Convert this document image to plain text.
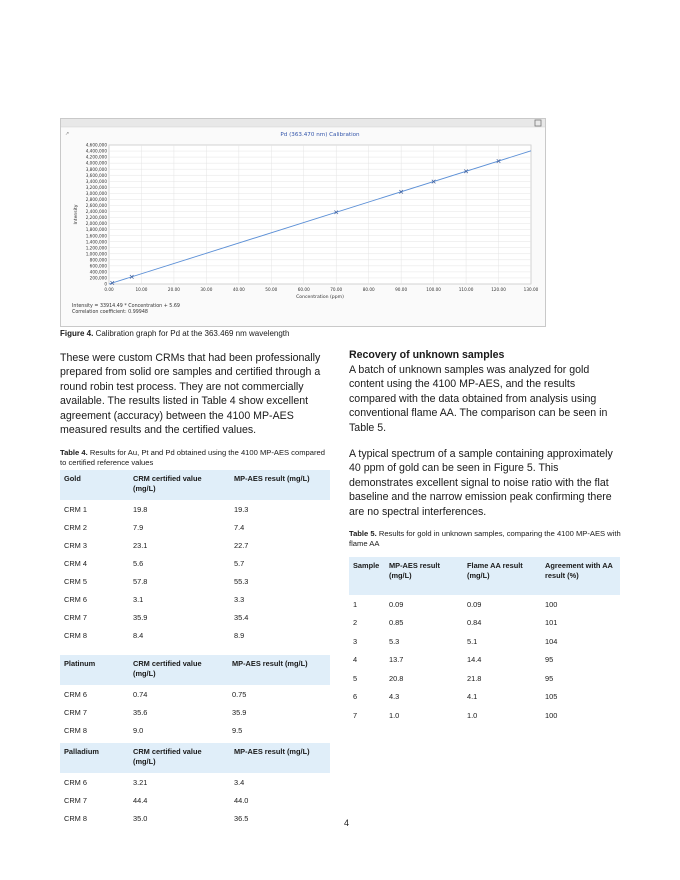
↗
0
200,000
400,000
600,000
800,000
1,000,000
1,200,000
1,400,000
1,600,000
1,800,000
2,000,000
2,200,000
2,400,000
2,600,000
2,800,000
3,000,000
3,200,000
3,400,000
3,600,000
3,800,000
4,000,000
4,200,000
4,400,000
4,600,000
0.00	10.00	20.00	30.00	40.00	50.00	60.00	70.00	80.00	90.00	100.00	110.00	120.00	130.00
Pd (363.470 nm) Calibration
Concentration (ppm)
Intensity
Intensity = 33914.49 * Concentration + 5.69
Correlation coefficient: 0.99948
Figure 4. Calibration graph for Pd at the 363.469 nm wavelength
These were custom CRMs that had been professionally prepared from solid ore samples and certified through a round robin test process. They are not commercially available. The results listed in Table 4 show excellent agreement (accuracy) between the 4100 MP-AES measured results and the certified values.
Table 4. Results for Au, Pt and Pd obtained using the 4100 MP-AES compared to certified reference values
Gold	CRM certified value (mg/L)	MP-AES result (mg/L)
CRM 1	19.8	19.3
CRM 2	7.9	7.4
CRM 3	23.1	22.7
CRM 4	5.6	5.7
CRM 5	57.8	55.3
CRM 6	3.1	3.3
CRM 7	35.9	35.4
CRM 8	8.4	8.9
Platinum	CRM certified value (mg/L)	MP-AES result (mg/L)
CRM 6	0.74	0.75
CRM 7	35.6	35.9
CRM 8	9.0	9.5
Palladium	CRM certified value (mg/L)	MP-AES result (mg/L)
CRM 6	3.21	3.4
CRM 7	44.4	44.0
CRM 8	35.0	36.5
Recovery of unknown samples
A batch of unknown samples was analyzed for gold content using the 4100 MP-AES, and the results compared with the data obtained from analysis using conventional flame AA. The comparison can be seen in Table 5.
A typical spectrum of a sample containing approximately 40 ppm of gold can be seen in Figure 5. This demonstrates excellent signal to noise ratio with the flat baseline and the narrow emission peak confirming there are no spectral interferences.
Table 5. Results for gold in unknown samples, comparing the 4100 MP-AES with flame AA
Sample	MP-AES result (mg/L)	Flame AA result (mg/L)	Agreement with AA result (%)
1	0.09	0.09	100
2	0.85	0.84	101
3	5.3	5.1	104
4	13.7	14.4	95
5	20.8	21.8	95
6	4.3	4.1	105
7	1.0	1.0	100
4
